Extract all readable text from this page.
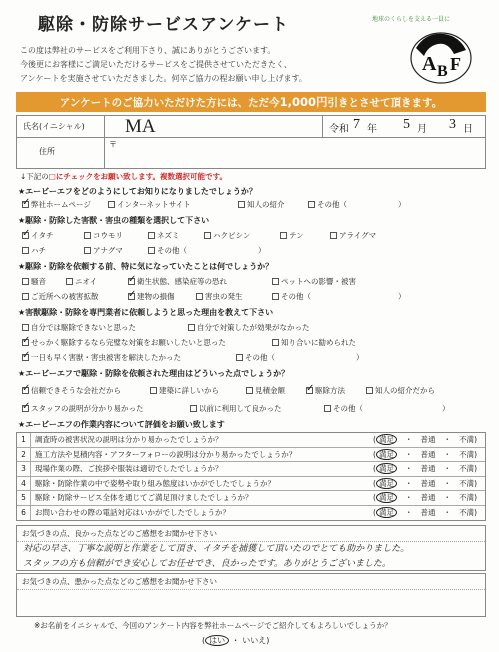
駆除・防除サービスアンケート	地球のくらしを支える一員に
A B F
この度は弊社のサービスをご利用下さり、誠にありがとうございます。
今後更にお客様にご満足いただけるサービスをご提供させていただきたく、
アンケートを実施させていただきました。何卒ご協力の程お願い申し上げます。
アンケートのご協力いただけた方には、ただ今1,000円引きとさせて頂きます。
氏名(イニシャル)	MA	令和 7 年 5 月 3 日
住所
〒
↓下記の□にチェックをお願い致します。複数選択可能です。
★エービーエフをどのようにしてお知りになりましたでしょうか？
✓弊社ホームページ	インターネットサイト	知人の紹介	その他（	）
★駆除・防除した害獣・害虫の種類を選択して下さい
✓イタチ	コウモリ	ネズミ	ハクビシン	テン	アライグマ
ハチ	アナグマ	その他（	）
★駆除・防除を依頼する前、特に気になっていたことは何でしょうか？
騒音	ニオイ ✓	衛生状態、感染症等の恐れ	ペットへの影響・被害
ご近所への被害拡散 ✓	建物の損傷	害虫の発生	その他（	）
★害獣駆除・防除を専門業者に依頼しようと思った理由を教えて下さい
自分では駆除できないと思った	自分で対策したが効果がなかった
✓せっかく駆除するなら完璧な対策をお願いしたいと思った	知り合いに勧められた
✓一日も早く害獣・害虫被害を解決したかった	その他（	）
★エービーエフで駆除・防除を依頼された理由はどういった点でしょうか？
✓信頼できそうな会社だから	建築に詳しいから	見積金額 ✓	駆除方法	知人の紹介だから
✓スタッフの説明が分かり易かった	以前に利用して良かった	その他（	）
★エービーエフの作業内容について評価をお願い致します
1	調査時の被害状況の説明は分かり易かったでしょうか？	( 満足	・ 普通 ・ 不満)
2	施工方法や見積内容・アフターフォローの説明は分かり易かったでしょうか？	( 満足	・ 普通 ・ 不満)
3	現場作業の際、ご挨拶や服装は適切でしたでしょうか？	( 満足	・ 普通 ・ 不満)
4	駆除・防除作業の中で姿勢や取り組み態度はいかがでしたでしょうか？	( 満足	・ 普通 ・ 不満)
5	駆除・防除サービス全体を通じてご満足頂けましたでしょうか？	( 満足	・ 普通 ・ 不満)
6	お問い合わせの際の電話対応はいかがでしたでしょうか？	( 満足	・ 普通 ・ 不満)
お気づきの点、良かった点などのご感想をお聞かせ下さい
対応の早さ、丁寧な説明と作業をして頂き、イタチを捕獲して頂いたのでとても助かりました。
スタッフの方も信頼ができ安心してお任せでき、良かったです。ありがとうございました。
お気づきの点、悪かった点などのご感想をお聞かせ下さい
※お名前をイニシャルで、今回のアンケート内容を弊社ホームページでご紹介してもよろしいでしょうか？
( はい ・ いいえ)
